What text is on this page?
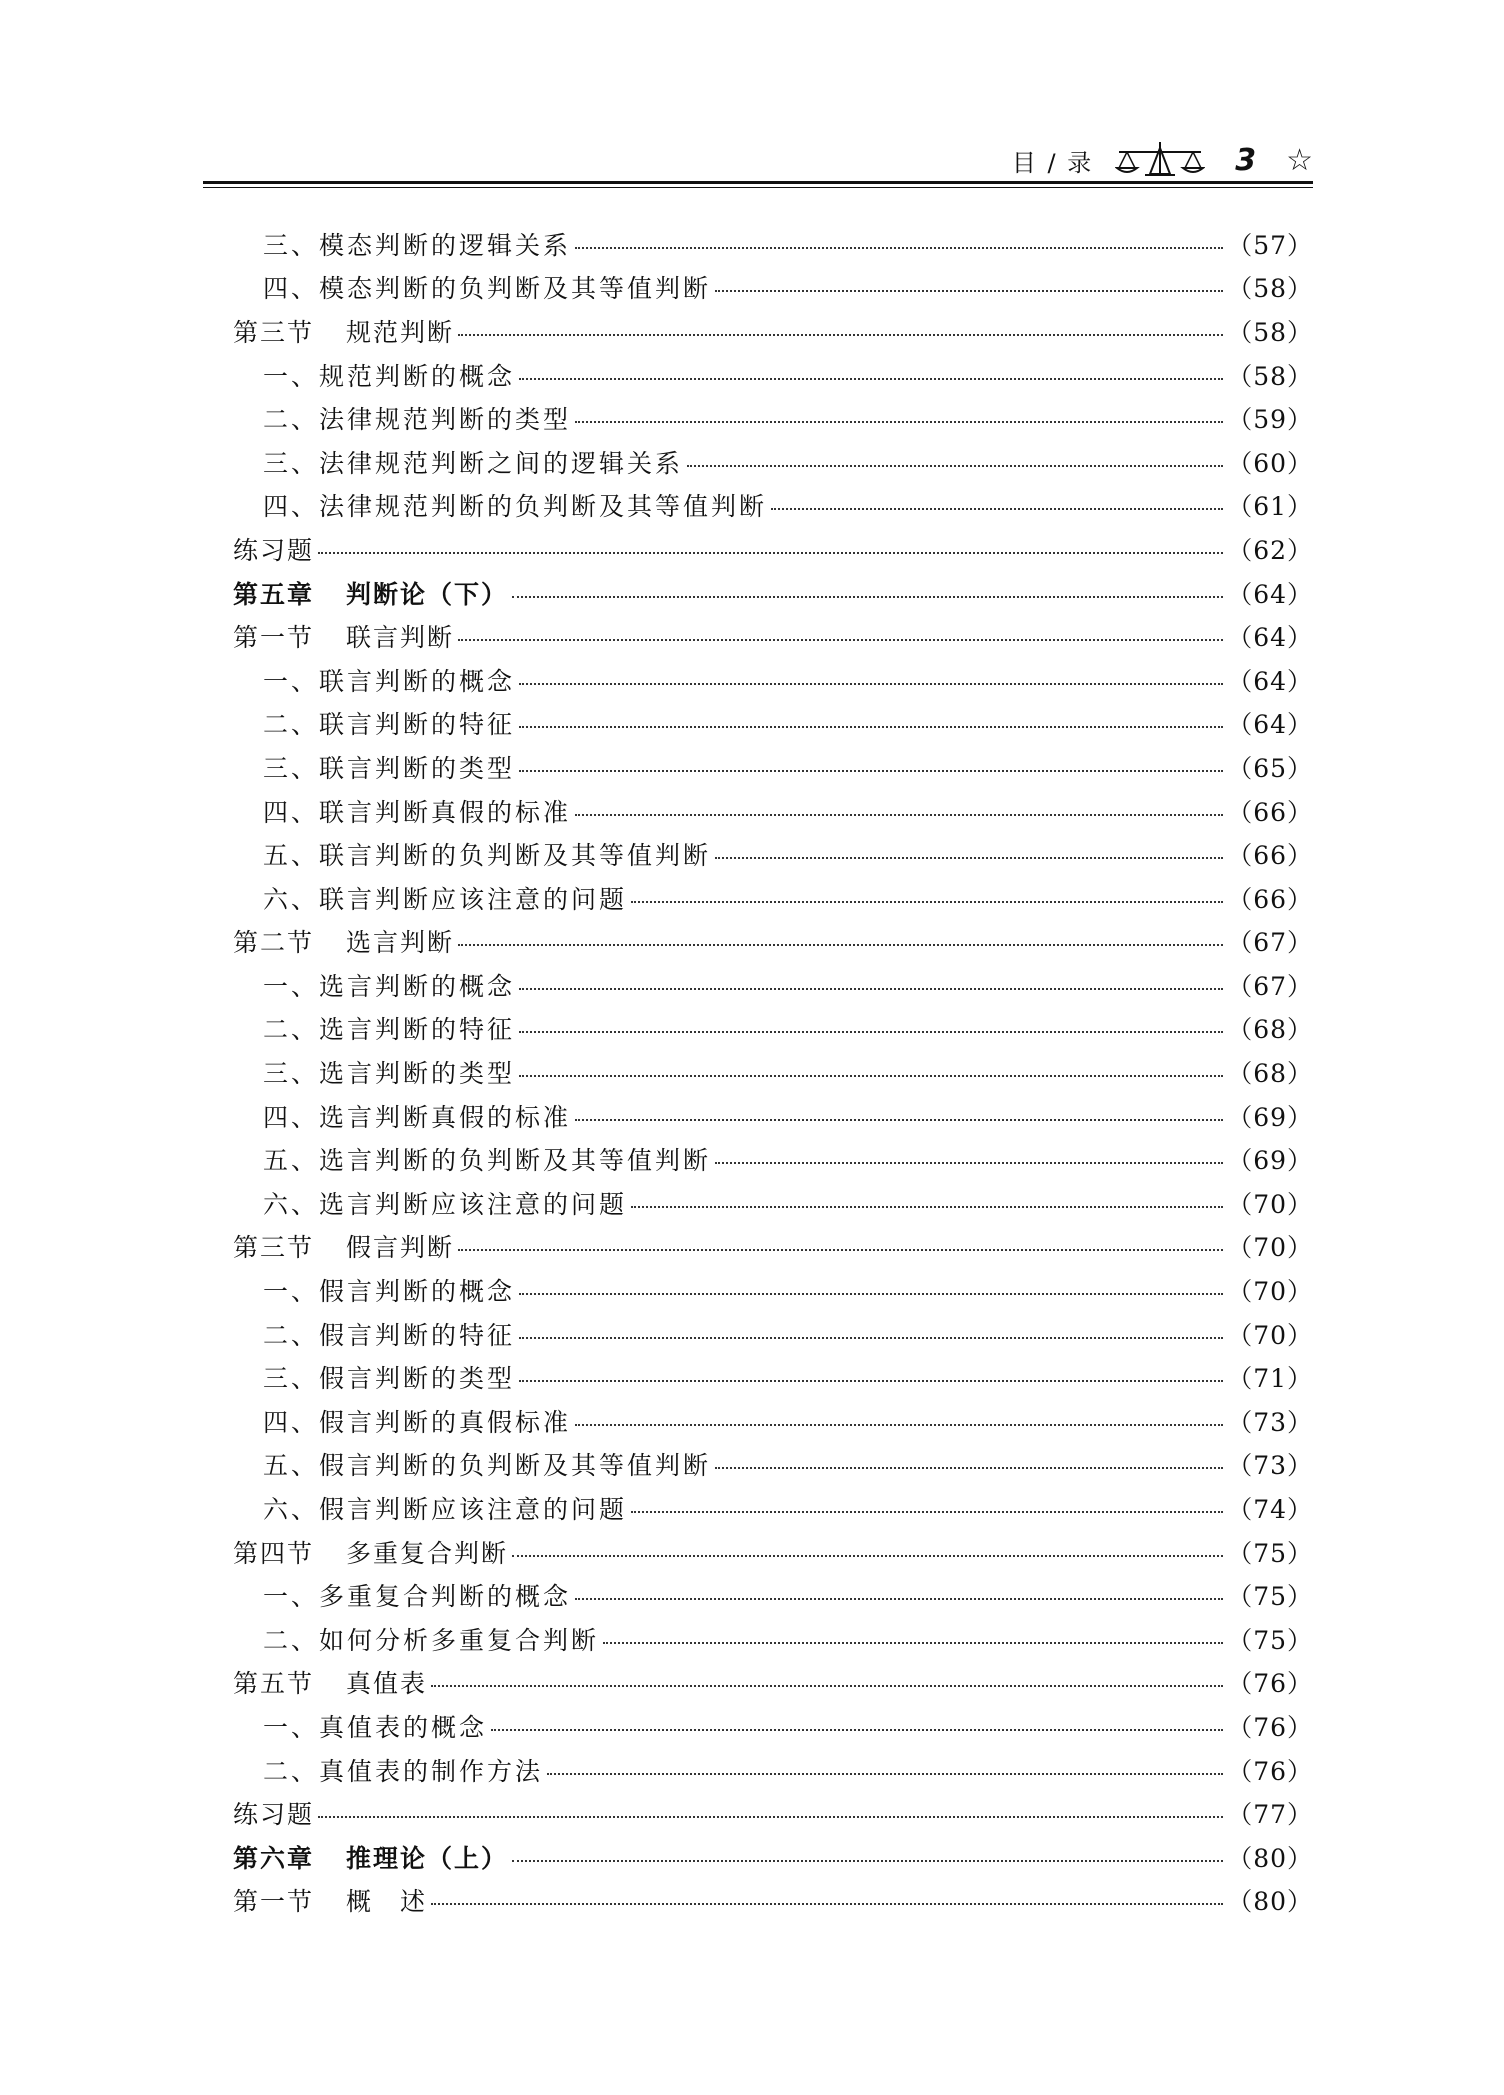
目 / 录	3 ☆
三、模态判断的逻辑关系	（57）
四、模态判断的负判断及其等值判断	（58）
第三节 规范判断	（58）
一、规范判断的概念	（58）
二、法律规范判断的类型	（59）
三、法律规范判断之间的逻辑关系	（60）
四、法律规范判断的负判断及其等值判断	（61）
练习题	（62）
第五章 判断论（下）	（64）
第一节 联言判断	（64）
一、联言判断的概念	（64）
二、联言判断的特征	（64）
三、联言判断的类型	（65）
四、联言判断真假的标准	（66）
五、联言判断的负判断及其等值判断	（66）
六、联言判断应该注意的问题	（66）
第二节 选言判断	（67）
一、选言判断的概念	（67）
二、选言判断的特征	（68）
三、选言判断的类型	（68）
四、选言判断真假的标准	（69）
五、选言判断的负判断及其等值判断	（69）
六、选言判断应该注意的问题	（70）
第三节 假言判断	（70）
一、假言判断的概念	（70）
二、假言判断的特征	（70）
三、假言判断的类型	（71）
四、假言判断的真假标准	（73）
五、假言判断的负判断及其等值判断	（73）
六、假言判断应该注意的问题	（74）
第四节 多重复合判断	（75）
一、多重复合判断的概念	（75）
二、如何分析多重复合判断	（75）
第五节 真值表	（76）
一、真值表的概念	（76）
二、真值表的制作方法	（76）
练习题	（77）
第六章 推理论（上）	（80）
第一节 概　述	（80）
